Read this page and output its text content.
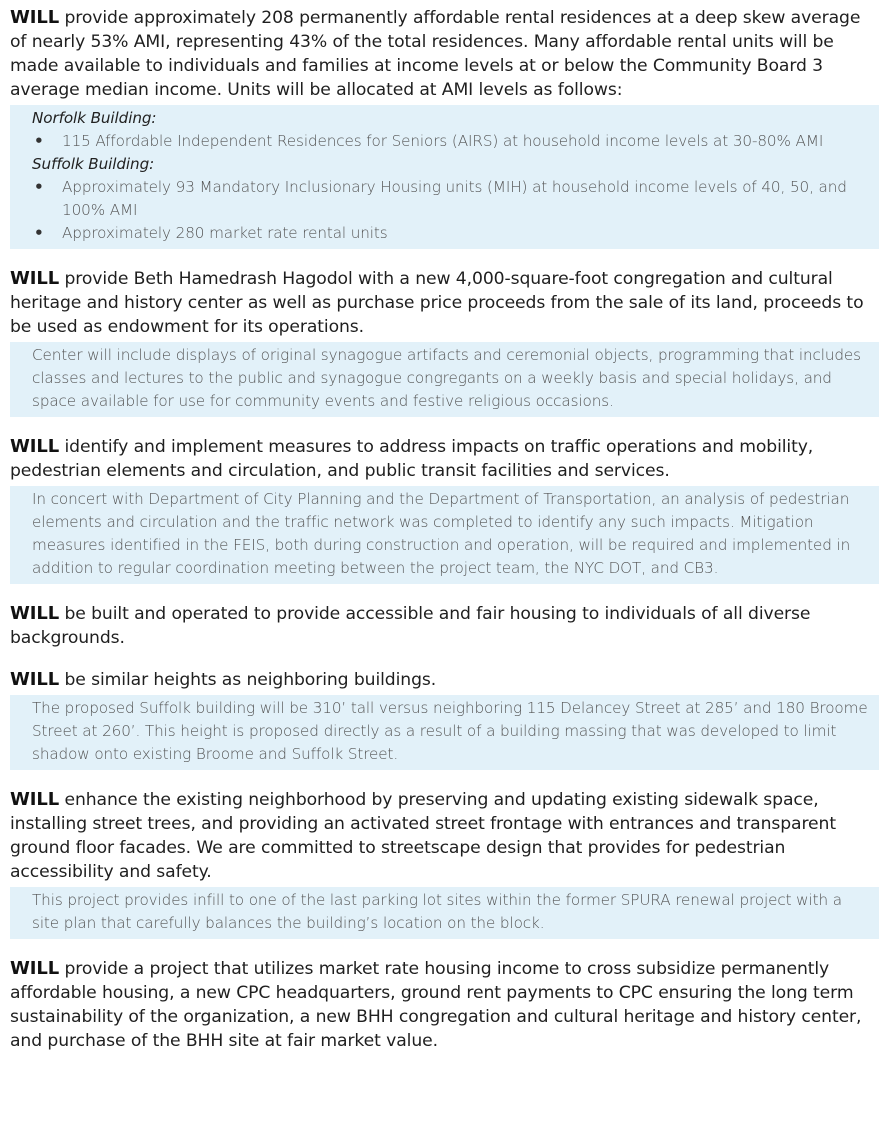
WILL provide approximately 208 permanently affordable rental residences at a deep skew average of nearly 53% AMI, representing 43% of the total residences. Many affordable rental units will be made available to individuals and families at income levels at or below the Community Board 3 average median income. Units will be allocated at AMI levels as follows:
Norfolk Building:
• 115 Affordable Independent Residences for Seniors (AIRS) at household income levels at 30-80% AMI
Suffolk Building:
• Approximately 93 Mandatory Inclusionary Housing units (MIH) at household income levels of 40, 50, and 100% AMI
• Approximately 280 market rate rental units
WILL provide Beth Hamedrash Hagodol with a new 4,000-square-foot congregation and cultural heritage and history center as well as purchase price proceeds from the sale of its land, proceeds to be used as endowment for its operations.
Center will include displays of original synagogue artifacts and ceremonial objects, programming that includes classes and lectures to the public and synagogue congregants on a weekly basis and special holidays, and space available for use for community events and festive religious occasions.
WILL identify and implement measures to address impacts on traffic operations and mobility, pedestrian elements and circulation, and public transit facilities and services.
In concert with Department of City Planning and the Department of Transportation, an analysis of pedestrian elements and circulation and the traffic network was completed to identify any such impacts. Mitigation measures identified in the FEIS, both during construction and operation, will be required and implemented in addition to regular coordination meeting between the project team, the NYC DOT, and CB3.
WILL be built and operated to provide accessible and fair housing to individuals of all diverse backgrounds.
WILL be similar heights as neighboring buildings.
The proposed Suffolk building will be 310’ tall versus neighboring 115 Delancey Street at 285’ and 180 Broome Street at 260’. This height is proposed directly as a result of a building massing that was developed to limit shadow onto existing Broome and Suffolk Street.
WILL enhance the existing neighborhood by preserving and updating existing sidewalk space, installing street trees, and providing an activated street frontage with entrances and transparent ground floor facades. We are committed to streetscape design that provides for pedestrian accessibility and safety.
This project provides infill to one of the last parking lot sites within the former SPURA renewal project with a site plan that carefully balances the building’s location on the block.
WILL provide a project that utilizes market rate housing income to cross subsidize permanently affordable housing, a new CPC headquarters, ground rent payments to CPC ensuring the long term sustainability of the organization, a new BHH congregation and cultural heritage and history center, and purchase of the BHH site at fair market value.
